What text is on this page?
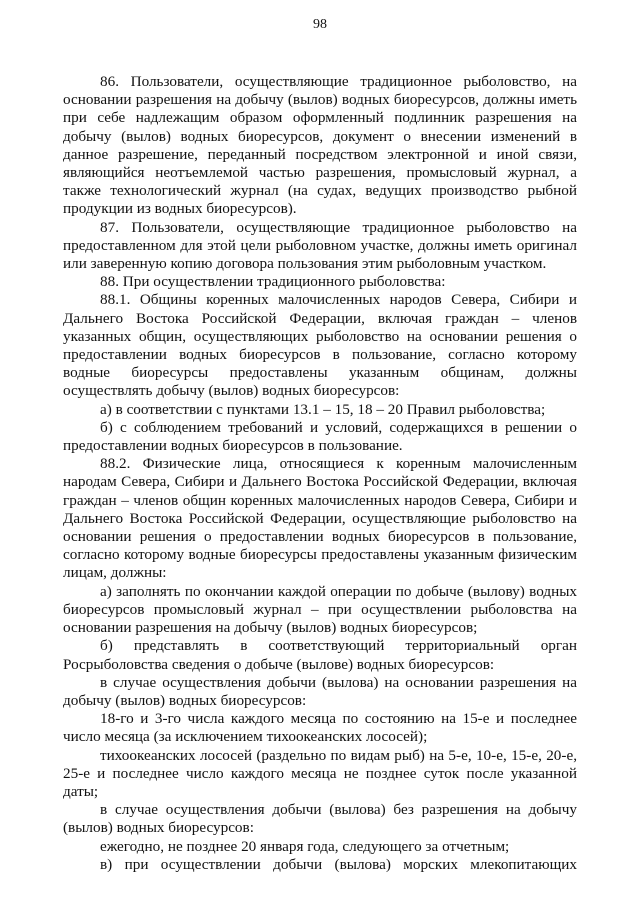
98

86. Пользователи, осуществляющие традиционное рыболовство, на основании разрешения на добычу (вылов) водных биоресурсов, должны иметь при себе надлежащим образом оформленный подлинник разрешения на добычу (вылов) водных биоресурсов, документ о внесении изменений в данное разрешение, переданный посредством электронной и иной связи, являющийся неотъемлемой частью разрешения, промысловый журнал, а также технологический журнал (на судах, ведущих производство рыбной продукции из водных биоресурсов).

87. Пользователи, осуществляющие традиционное рыболовство на предоставленном для этой цели рыболовном участке, должны иметь оригинал или заверенную копию договора пользования этим рыболовным участком.

88. При осуществлении традиционного рыболовства:

88.1. Общины коренных малочисленных народов Севера, Сибири и Дальнего Востока Российской Федерации, включая граждан – членов указанных общин, осуществляющих рыболовство на основании решения о предоставлении водных биоресурсов в пользование, согласно которому водные биоресурсы предоставлены указанным общинам, должны осуществлять добычу (вылов) водных биоресурсов:

а) в соответствии с пунктами 13.1 – 15, 18 – 20 Правил рыболовства;

б) с соблюдением требований и условий, содержащихся в решении о предоставлении водных биоресурсов в пользование.

88.2. Физические лица, относящиеся к коренным малочисленным народам Севера, Сибири и Дальнего Востока Российской Федерации, включая граждан – членов общин коренных малочисленных народов Севера, Сибири и Дальнего Востока Российской Федерации, осуществляющие рыболовство на основании решения о предоставлении водных биоресурсов в пользование, согласно которому водные биоресурсы предоставлены указанным физическим лицам, должны:

а) заполнять по окончании каждой операции по добыче (вылову) водных биоресурсов промысловый журнал – при осуществлении рыболовства на основании разрешения на добычу (вылов) водных биоресурсов;

б) представлять в соответствующий территориальный орган Росрыболовства сведения о добыче (вылове) водных биоресурсов:

в случае осуществления добычи (вылова) на основании разрешения на добычу (вылов) водных биоресурсов:

18-го и 3-го числа каждого месяца по состоянию на 15-е и последнее число месяца (за исключением тихоокеанских лососей);

тихоокеанских лососей (раздельно по видам рыб) на 5-е, 10-е, 15-е, 20-е, 25-е и последнее число каждого месяца не позднее суток после указанной даты;

в случае осуществления добычи (вылова) без разрешения на добычу (вылов) водных биоресурсов:

ежегодно, не позднее 20 января года, следующего за отчетным;

в) при осуществлении добычи (вылова) морских млекопитающих
